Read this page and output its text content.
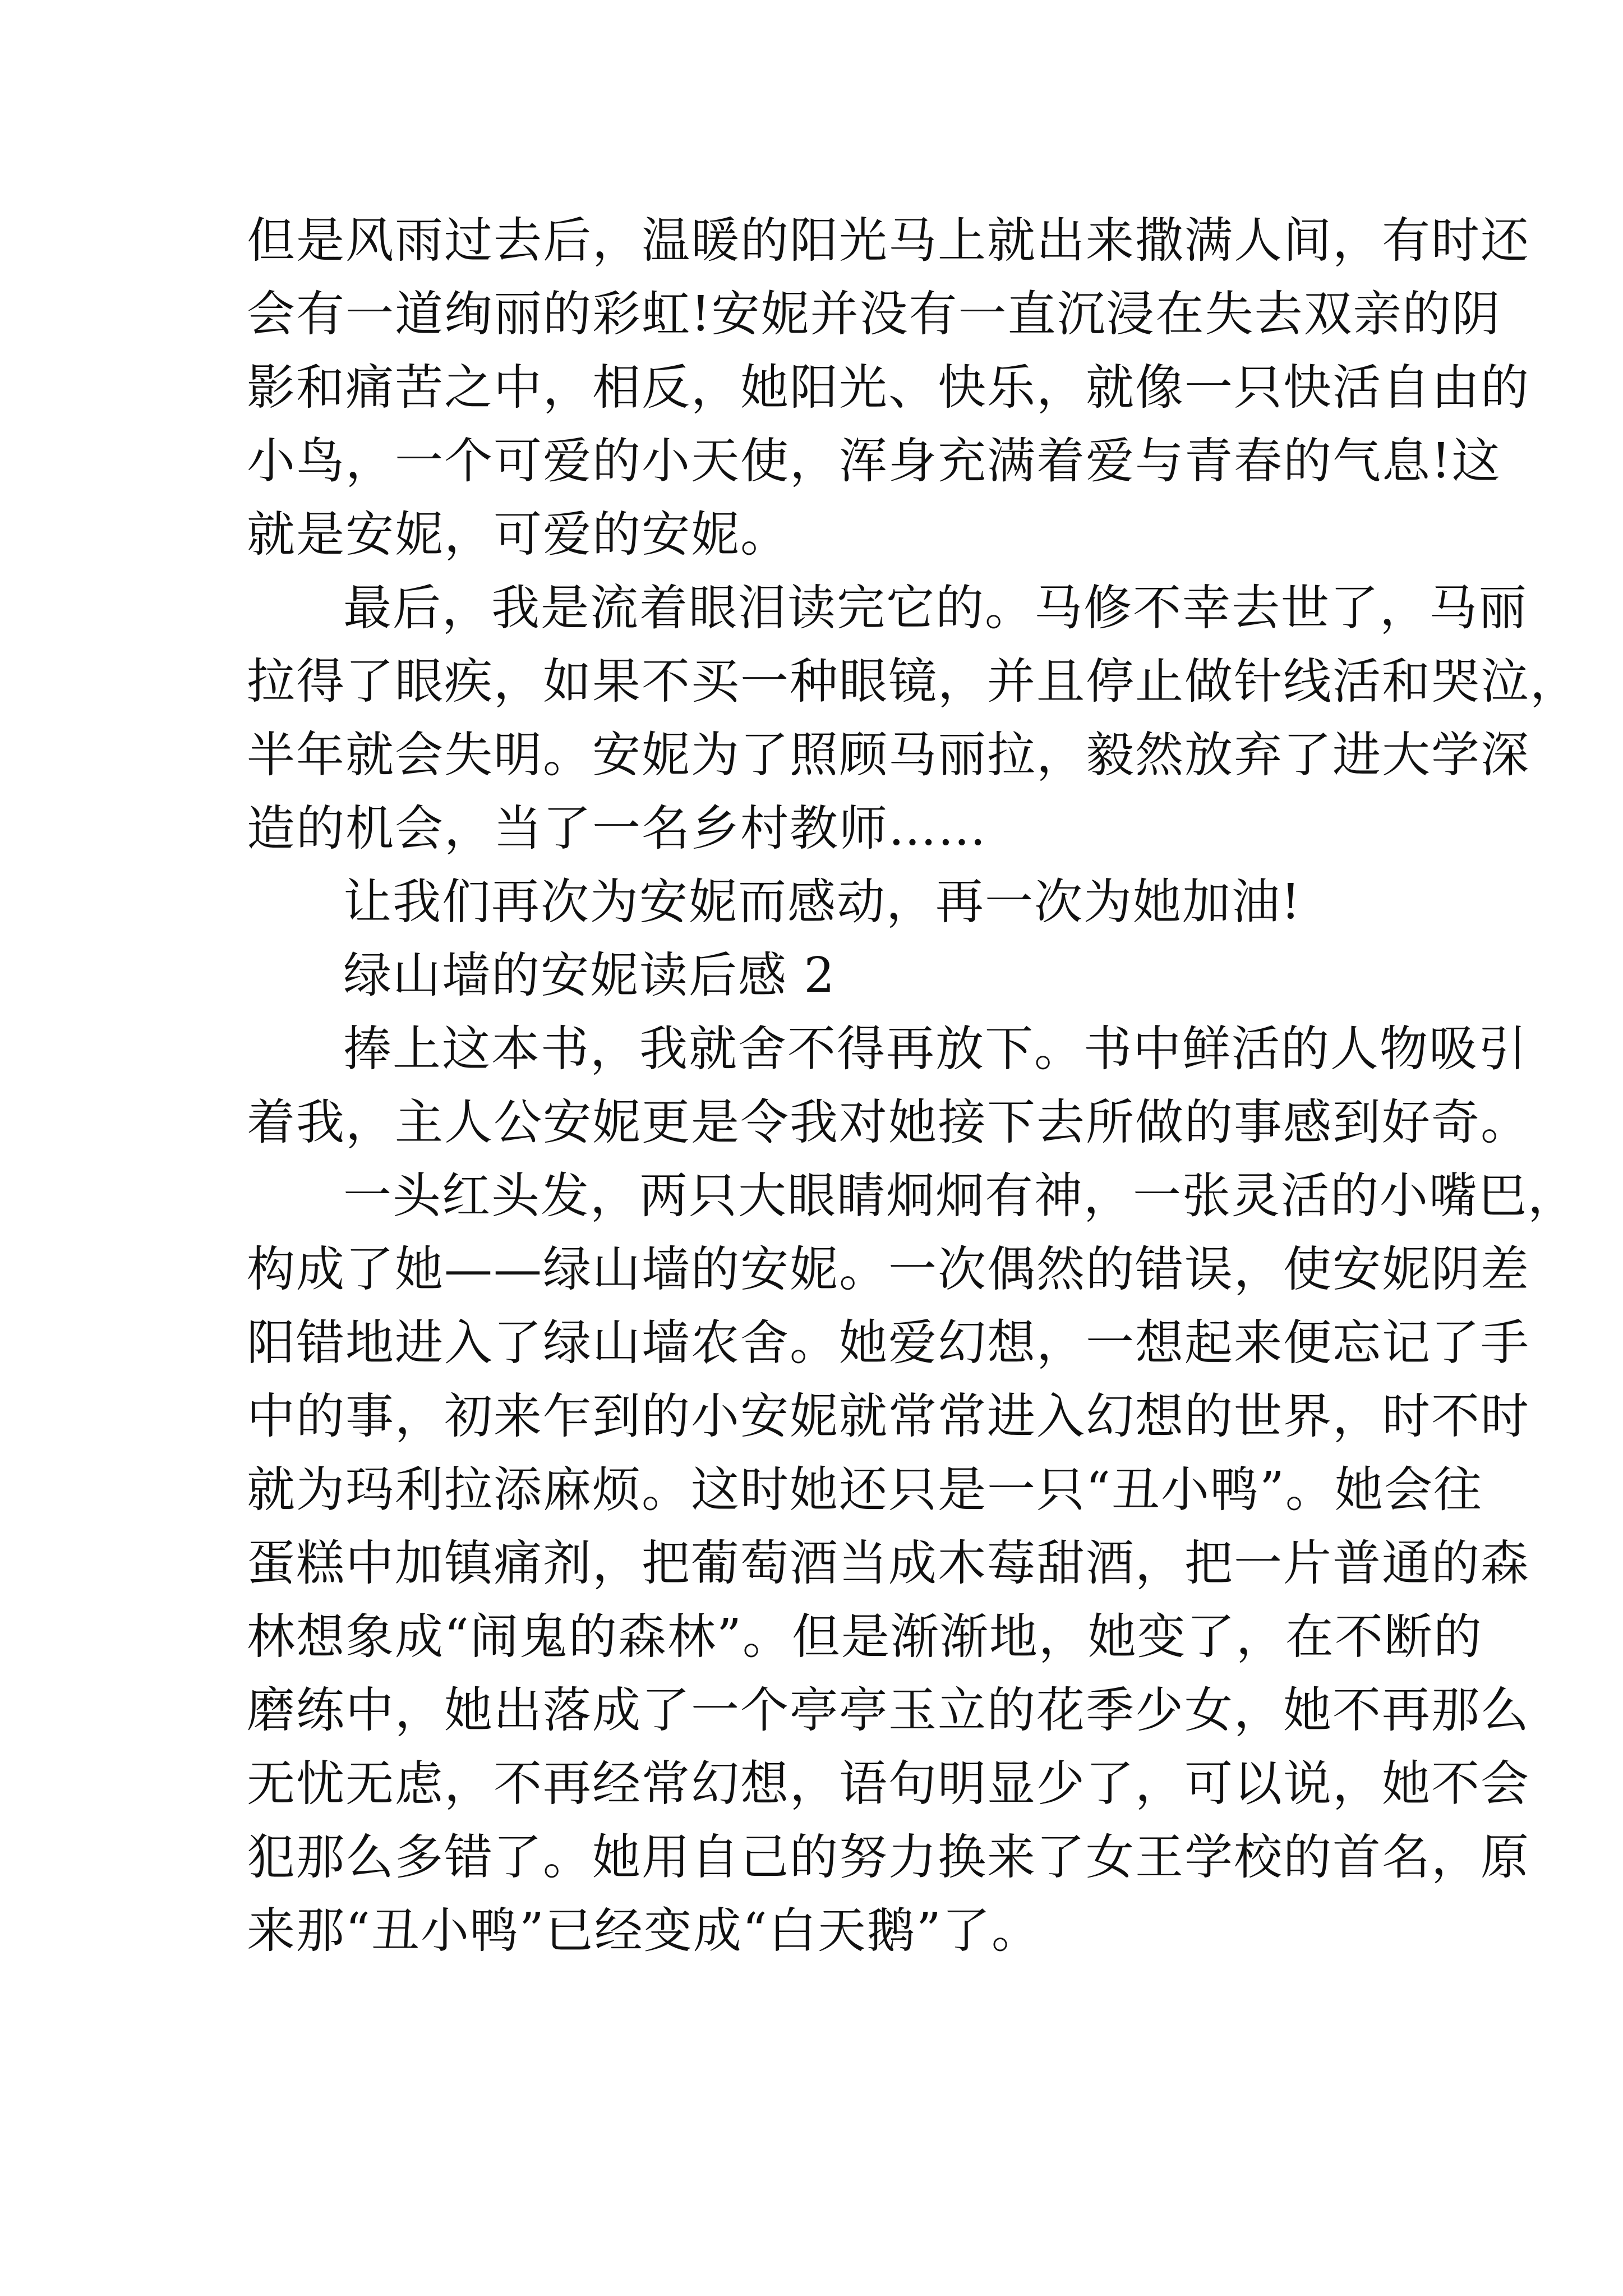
但是风雨过去后，温暖的阳光马上就出来撒满人间，有时还
会有一道绚丽的彩虹!安妮并没有一直沉浸在失去双亲的阴
影和痛苦之中，相反，她阳光、快乐，就像一只快活自由的
小鸟，一个可爱的小天使，浑身充满着爱与青春的气息!这
就是安妮，可爱的安妮。
最后，我是流着眼泪读完它的。马修不幸去世了，马丽
拉得了眼疾，如果不买一种眼镜，并且停止做针线活和哭泣，
半年就会失明。安妮为了照顾马丽拉，毅然放弃了进大学深
造的机会，当了一名乡村教师……
让我们再次为安妮而感动，再一次为她加油!
绿山墙的安妮读后感 2
捧上这本书，我就舍不得再放下。书中鲜活的人物吸引
着我，主人公安妮更是令我对她接下去所做的事感到好奇。
一头红头发，两只大眼睛炯炯有神，一张灵活的小嘴巴，
构成了她——绿山墙的安妮。一次偶然的错误，使安妮阴差
阳错地进入了绿山墙农舍。她爱幻想，一想起来便忘记了手
中的事，初来乍到的小安妮就常常进入幻想的世界，时不时
就为玛利拉添麻烦。这时她还只是一只“丑小鸭”。她会往
蛋糕中加镇痛剂，把葡萄酒当成木莓甜酒，把一片普通的森
林想象成“闹鬼的森林”。但是渐渐地，她变了，在不断的
磨练中，她出落成了一个亭亭玉立的花季少女，她不再那么
无忧无虑，不再经常幻想，语句明显少了，可以说，她不会
犯那么多错了。她用自己的努力换来了女王学校的首名，原
来那“丑小鸭”已经变成“白天鹅”了。
